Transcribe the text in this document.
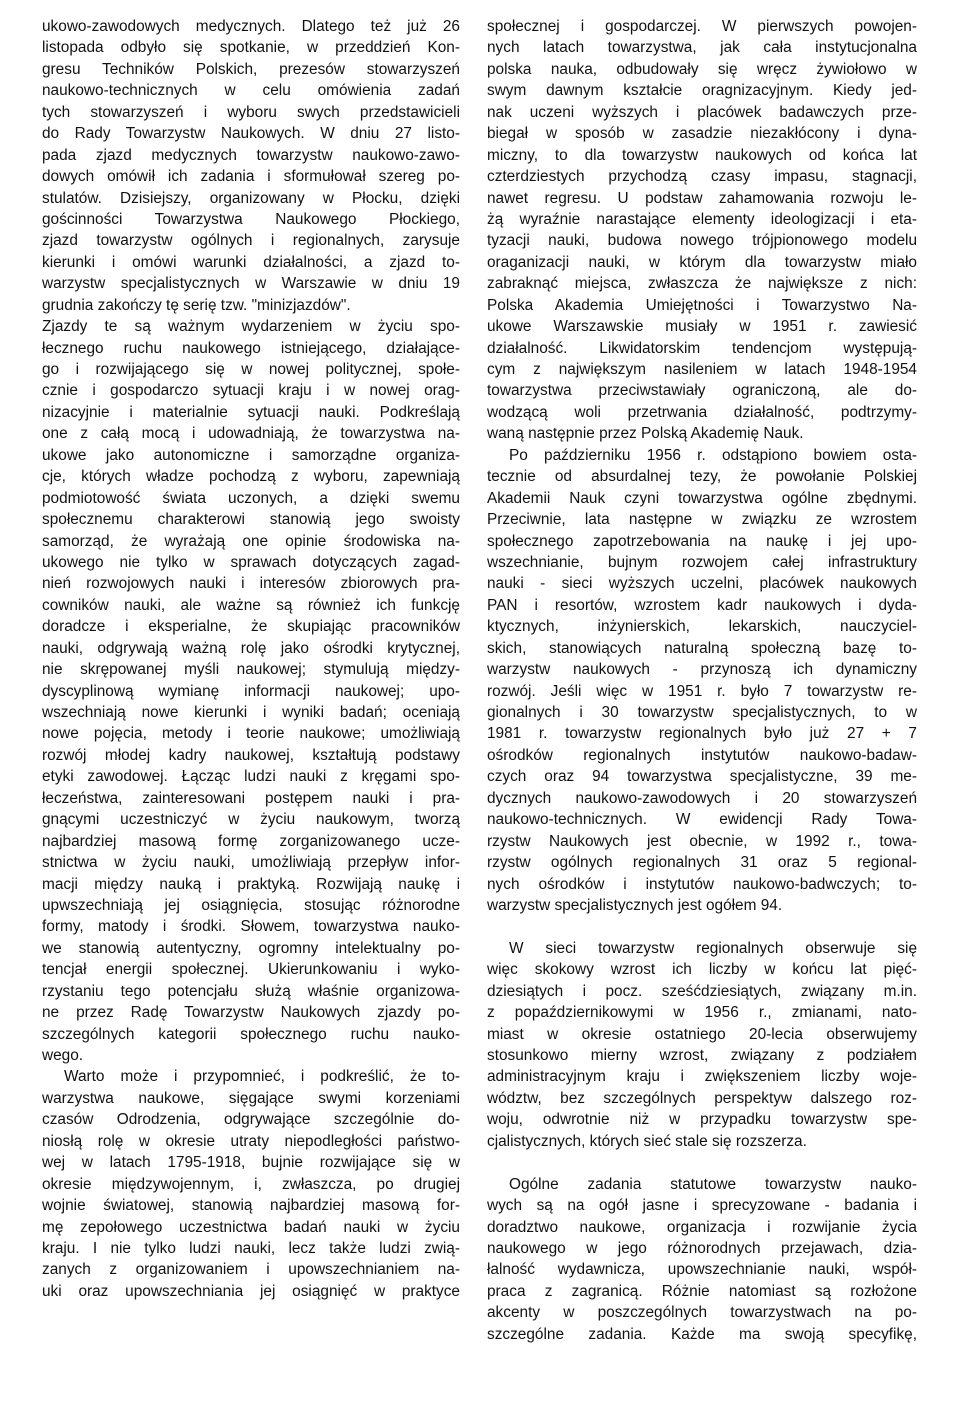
ukowo-zawodowych medycznych. Dlatego też już 26
listopada odbyło się spotkanie, w przeddzień Kon-
gresu Techników Polskich, prezesów stowarzyszeń
naukowo-technicznych w celu omówienia zadań
tych stowarzyszeń i wyboru swych przedstawicieli
do Rady Towarzystw Naukowych. W dniu 27 listo-
pada zjazd medycznych towarzystw naukowo-zawo-
dowych omówił ich zadania i sformułował szereg po-
stulatów. Dzisiejszy, organizowany w Płocku, dzięki
gościnności Towarzystwa Naukowego Płockiego,
zjazd towarzystw ogólnych i regionalnych, zarysuje
kierunki i omówi warunki działalności, a zjazd to-
warzystw specjalistycznych w Warszawie w dniu 19
grudnia zakończy tę serię tzw. "minizjazdów".
Zjazdy te są ważnym wydarzeniem w życiu spo-
łecznego ruchu naukowego istniejącego, działające-
go i rozwijającego się w nowej politycznej, społe-
cznie i gospodarczo sytuacji kraju i w nowej orag-
nizacyjnie i materialnie sytuacji nauki. Podkreślają
one z całą mocą i udowadniają, że towarzystwa na-
ukowe jako autonomiczne i samorządne organiza-
cje, których władze pochodzą z wyboru, zapewniają
podmiotowość świata uczonych, a dzięki swemu
społecznemu charakterowi stanowią jego swoisty
samorząd, że wyrażają one opinie środowiska na-
ukowego nie tylko w sprawach dotyczących zagad-
nień rozwojowych nauki i interesów zbiorowych pra-
cowników nauki, ale ważne są również ich funkcję
doradcze i eksperialne, że skupiając pracowników
nauki, odgrywają ważną rolę jako ośrodki krytycznej,
nie skrępowanej myśli naukowej; stymulują między-
dyscyplinową wymianę informacji naukowej; upo-
wszechniają nowe kierunki i wyniki badań; oceniają
nowe pojęcia, metody i teorie naukowe; umożliwiają
rozwój młodej kadry naukowej, kształtują podstawy
etyki zawodowej. Łącząc ludzi nauki z kręgami spo-
łeczeństwa, zainteresowani postępem nauki i pra-
gnącymi uczestniczyć w życiu naukowym, tworzą
najbardziej masową formę zorganizowanego ucze-
stnictwa w życiu nauki, umożliwiają przepływ infor-
macji między nauką i praktyką. Rozwijają naukę i
upwszechniają jej osiągnięcia, stosując różnorodne
formy, matody i środki. Słowem, towarzystwa nauko-
we stanowią autentyczny, ogromny intelektualny po-
tencjał energii społecznej. Ukierunkowaniu i wyko-
rzystaniu tego potencjału służą właśnie organizowa-
ne przez Radę Towarzystw Naukowych zjazdy po-
szczególnych kategorii społecznego ruchu nauko-
wego.
Warto może i przypomnieć, i podkreślić, że to-
warzystwa naukowe, sięgające swymi korzeniami
czasów Odrodzenia, odgrywające szczególnie do-
niosłą rolę w okresie utraty niepodległości państwo-
wej w latach 1795-1918, bujnie rozwijające się w
okresie międzywojennym, i, zwłaszcza, po drugiej
wojnie światowej, stanowią najbardziej masową for-
mę zepołowego uczestnictwa badań nauki w życiu
kraju. I nie tylko ludzi nauki, lecz także ludzi zwią-
zanych z organizowaniem i upowszechnianiem na-
uki oraz upowszechniania jej osiągnięć w praktyce
społecznej i gospodarczej. W pierwszych powojen-
nych latach towarzystwa, jak cała instytucjonalna
polska nauka, odbudowały się wręcz żywiołowo w
swym dawnym kształcie oragnizacyjnym. Kiedy jed-
nak uczeni wyższych i placówek badawczych prze-
biegał w sposób w zasadzie niezakłócony i dyna-
miczny, to dla towarzystw naukowych od końca lat
czterdziestych przychodzą czasy impasu, stagnacji,
nawet regresu. U podstaw zahamowania rozwoju le-
żą wyraźnie narastające elementy ideologizacji i eta-
tyzacji nauki, budowa nowego trójpionowego modelu
oraganizacji nauki, w którym dla towarzystw miało
zabraknąć miejsca, zwłaszcza że największe z nich:
Polska Akademia Umiejętności i Towarzystwo Na-
ukowe Warszawskie musiały w 1951 r. zawiesić
działalność. Likwidatorskim tendencjom występują-
cym z największym nasileniem w latach 1948-1954
towarzystwa przeciwstawiały ograniczoną, ale do-
wodzącą woli przetrwania działalność, podtrzymy-
waną następnie przez Polską Akademię Nauk.
Po październiku 1956 r. odstąpiono bowiem osta-
tecznie od absurdalnej tezy, że powołanie Polskiej
Akademii Nauk czyni towarzystwa ogólne zbędnymi.
Przeciwnie, lata następne w związku ze wzrostem
społecznego zapotrzebowania na naukę i jej upo-
wszechnianie, bujnym rozwojem całej infrastruktury
nauki - sieci wyższych uczelni, placówek naukowych
PAN i resortów, wzrostem kadr naukowych i dyda-
ktycznych, inżynierskich, lekarskich, nauczyciel-
skich, stanowiących naturalną społeczną bazę to-
warzystw naukowych - przynoszą ich dynamiczny
rozwój. Jeśli więc w 1951 r. było 7 towarzystw re-
gionalnych i 30 towarzystw specjalistycznych, to w
1981 r. towarzystw regionalnych było już 27 + 7
ośrodków regionalnych instytutów naukowo-badaw-
czych oraz 94 towarzystwa specjalistyczne, 39 me-
dycznych naukowo-zawodowych i 20 stowarzyszeń
naukowo-technicznych. W ewidencji Rady Towa-
rzystw Naukowych jest obecnie, w 1992 r., towa-
rzystw ogólnych regionalnych 31 oraz 5 regional-
nych ośrodków i instytutów naukowo-badwczych; to-
warzystw specjalistycznych jest ogółem 94.
W sieci towarzystw regionalnych obserwuje się
więc skokowy wzrost ich liczby w końcu lat pięć-
dziesiątych i pocz. sześćdziesiątych, związany m.in.
z popaździernikowymi w 1956 r., zmianami, nato-
miast w okresie ostatniego 20-lecia obserwujemy
stosunkowo mierny wzrost, związany z podziałem
administracyjnym kraju i zwiększeniem liczby woje-
wództw, bez szczególnych perspektyw dalszego roz-
woju, odwrotnie niż w przypadku towarzystw spe-
cjalistycznych, których sieć stale się rozszerza.
Ogólne zadania statutowe towarzystw nauko-
wych są na ogół jasne i sprecyzowane - badania i
doradztwo naukowe, organizacja i rozwijanie życia
naukowego w jego różnorodnych przejawach, dzia-
łalność wydawnicza, upowszechnianie nauki, współ-
praca z zagranicą. Różnie natomiast są rozłożone
akcenty w poszczególnych towarzystwach na po-
szczególne zadania. Każde ma swoją specyfikę,
